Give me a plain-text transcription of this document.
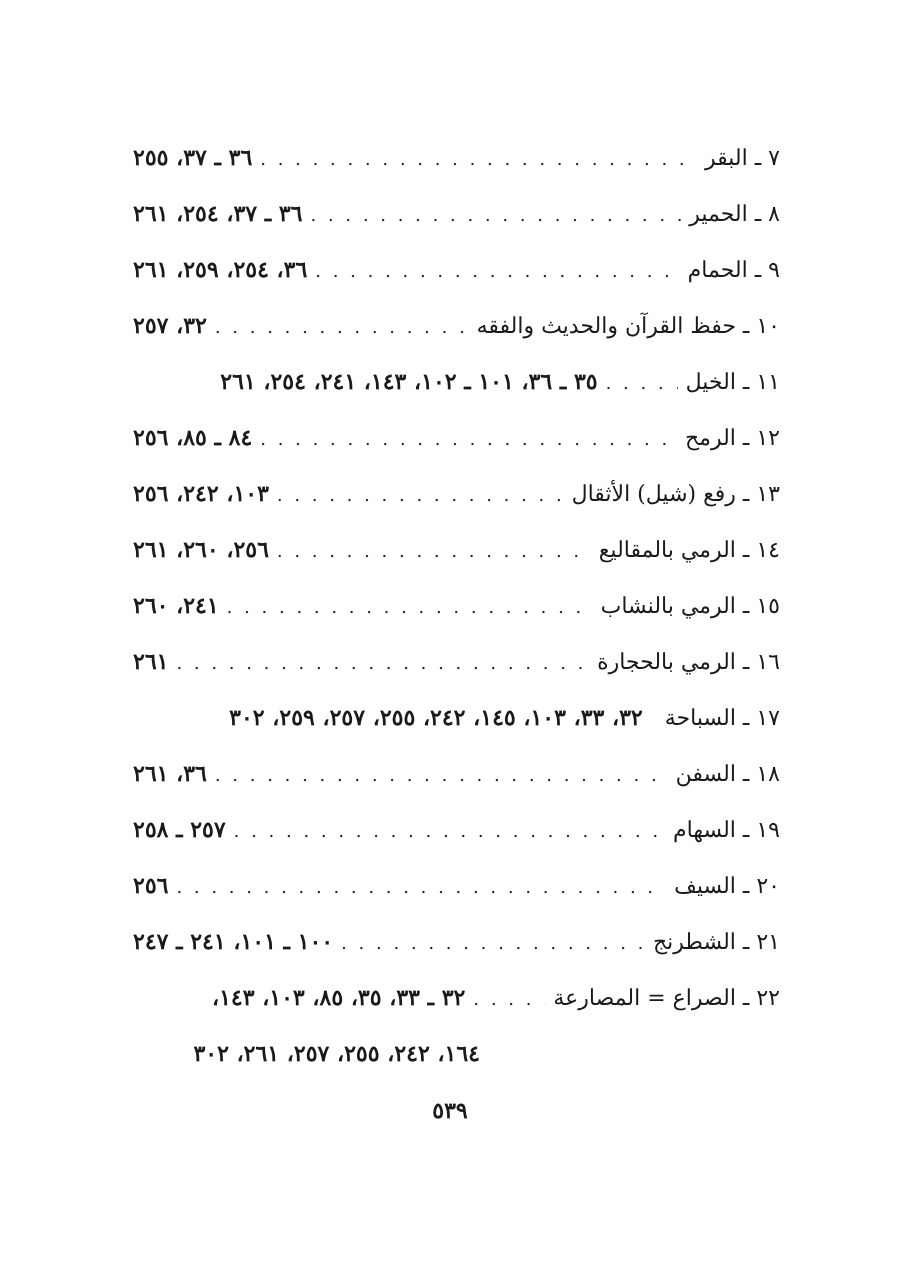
٧ ـ البقر
. . .
٣٦ ـ ٣٧، ٢٥٥
٨ ـ الحمير
. . .
٣٦ ـ ٣٧، ٢٥٤، ٢٦١
٩ ـ الحمام
. . .
٣٦، ٢٥٤، ٢٥٩، ٢٦١
١٠ ـ حفظ القرآن والحديث والفقه
. . .
٣٢، ٢٥٧
١١ ـ الخيل
. . .
٣٥ ـ ٣٦، ١٠١ ـ ١٠٢، ١٤٣، ٢٤١، ٢٥٤، ٢٦١
١٢ ـ الرمح
. . .
٨٤ ـ ٨٥، ٢٥٦
١٣ ـ رفع (شيل) الأثقال
. . .
١٠٣، ٢٤٢، ٢٥٦
١٤ ـ الرمي بالمقاليع
. . .
٢٥٦، ٢٦٠، ٢٦١
١٥ ـ الرمي بالنشاب
. . .
٢٤١، ٢٦٠
١٦ ـ الرمي بالحجارة
. . .
٢٦١
١٧ ـ السباحة
٣٢، ٣٣، ١٠٣، ١٤٥، ٢٤٢، ٢٥٥، ٢٥٧، ٢٥٩، ٣٠٢
١٨ ـ السفن
. . .
٣٦، ٢٦١
١٩ ـ السهام
. . .
٢٥٧ ـ ٢٥٨
٢٠ ـ السيف
. . .
٢٥٦
٢١ ـ الشطرنج
. . .
١٠٠ ـ ١٠١، ٢٤١ ـ ٢٤٧
٢٢ ـ الصراع = المصارعة
. . .
٣٢ ـ ٣٣، ٣٥، ٨٥، ١٠٣، ١٤٣،
١٦٤، ٢٤٢، ٢٥٥، ٢٥٧، ٢٦١، ٣٠٢
٥٣٩
